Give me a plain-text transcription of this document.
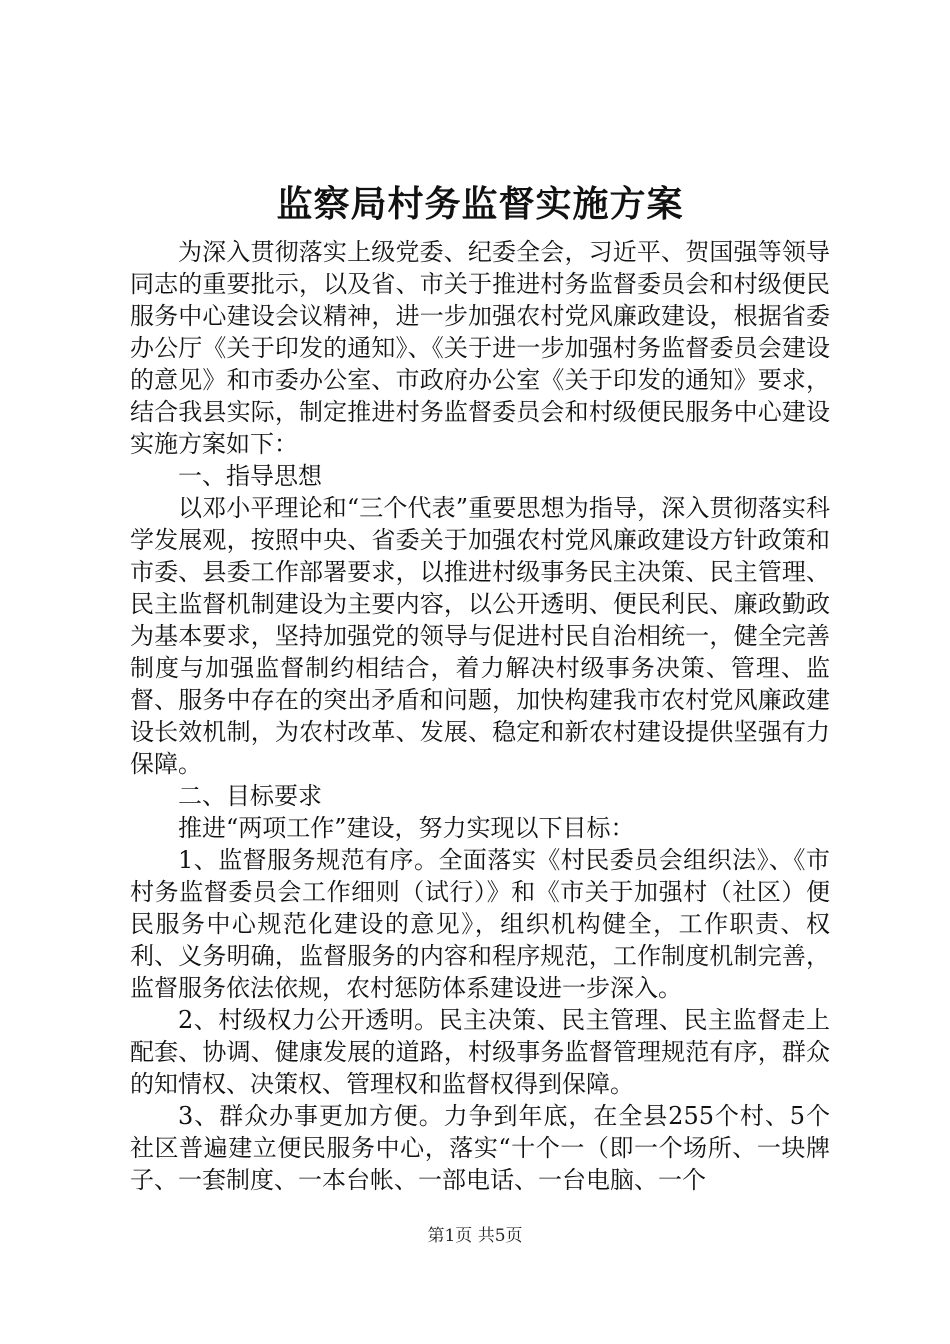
监察局村务监督实施方案

为深入贯彻落实上级党委、纪委全会，习近平、贺国强等领导同志的重要批示，以及省、市关于推进村务监督委员会和村级便民服务中心建设会议精神，进一步加强农村党风廉政建设，根据省委办公厅《关于印发的通知》、《关于进一步加强村务监督委员会建设的意见》和市委办公室、市政府办公室《关于印发的通知》要求，结合我县实际，制定推进村务监督委员会和村级便民服务中心建设实施方案如下：

一、指导思想

以邓小平理论和“三个代表”重要思想为指导，深入贯彻落实科学发展观，按照中央、省委关于加强农村党风廉政建设方针政策和市委、县委工作部署要求，以推进村级事务民主决策、民主管理、民主监督机制建设为主要内容，以公开透明、便民利民、廉政勤政为基本要求，坚持加强党的领导与促进村民自治相统一，健全完善制度与加强监督制约相结合，着力解决村级事务决策、管理、监督、服务中存在的突出矛盾和问题，加快构建我市农村党风廉政建设长效机制，为农村改革、发展、稳定和新农村建设提供坚强有力保障。

二、目标要求

推进“两项工作”建设，努力实现以下目标：

1、监督服务规范有序。全面落实《村民委员会组织法》、《市村务监督委员会工作细则（试行）》和《市关于加强村（社区）便民服务中心规范化建设的意见》，组织机构健全，工作职责、权利、义务明确，监督服务的内容和程序规范，工作制度机制完善，监督服务依法依规，农村惩防体系建设进一步深入。

2、村级权力公开透明。民主决策、民主管理、民主监督走上配套、协调、健康发展的道路，村级事务监督管理规范有序，群众的知情权、决策权、管理权和监督权得到保障。

3、群众办事更加方便。力争到年底，在全县255个村、5个社区普遍建立便民服务中心，落实“十个一（即一个场所、一块牌子、一套制度、一本台帐、一部电话、一台电脑、一个

第1页 共5页
